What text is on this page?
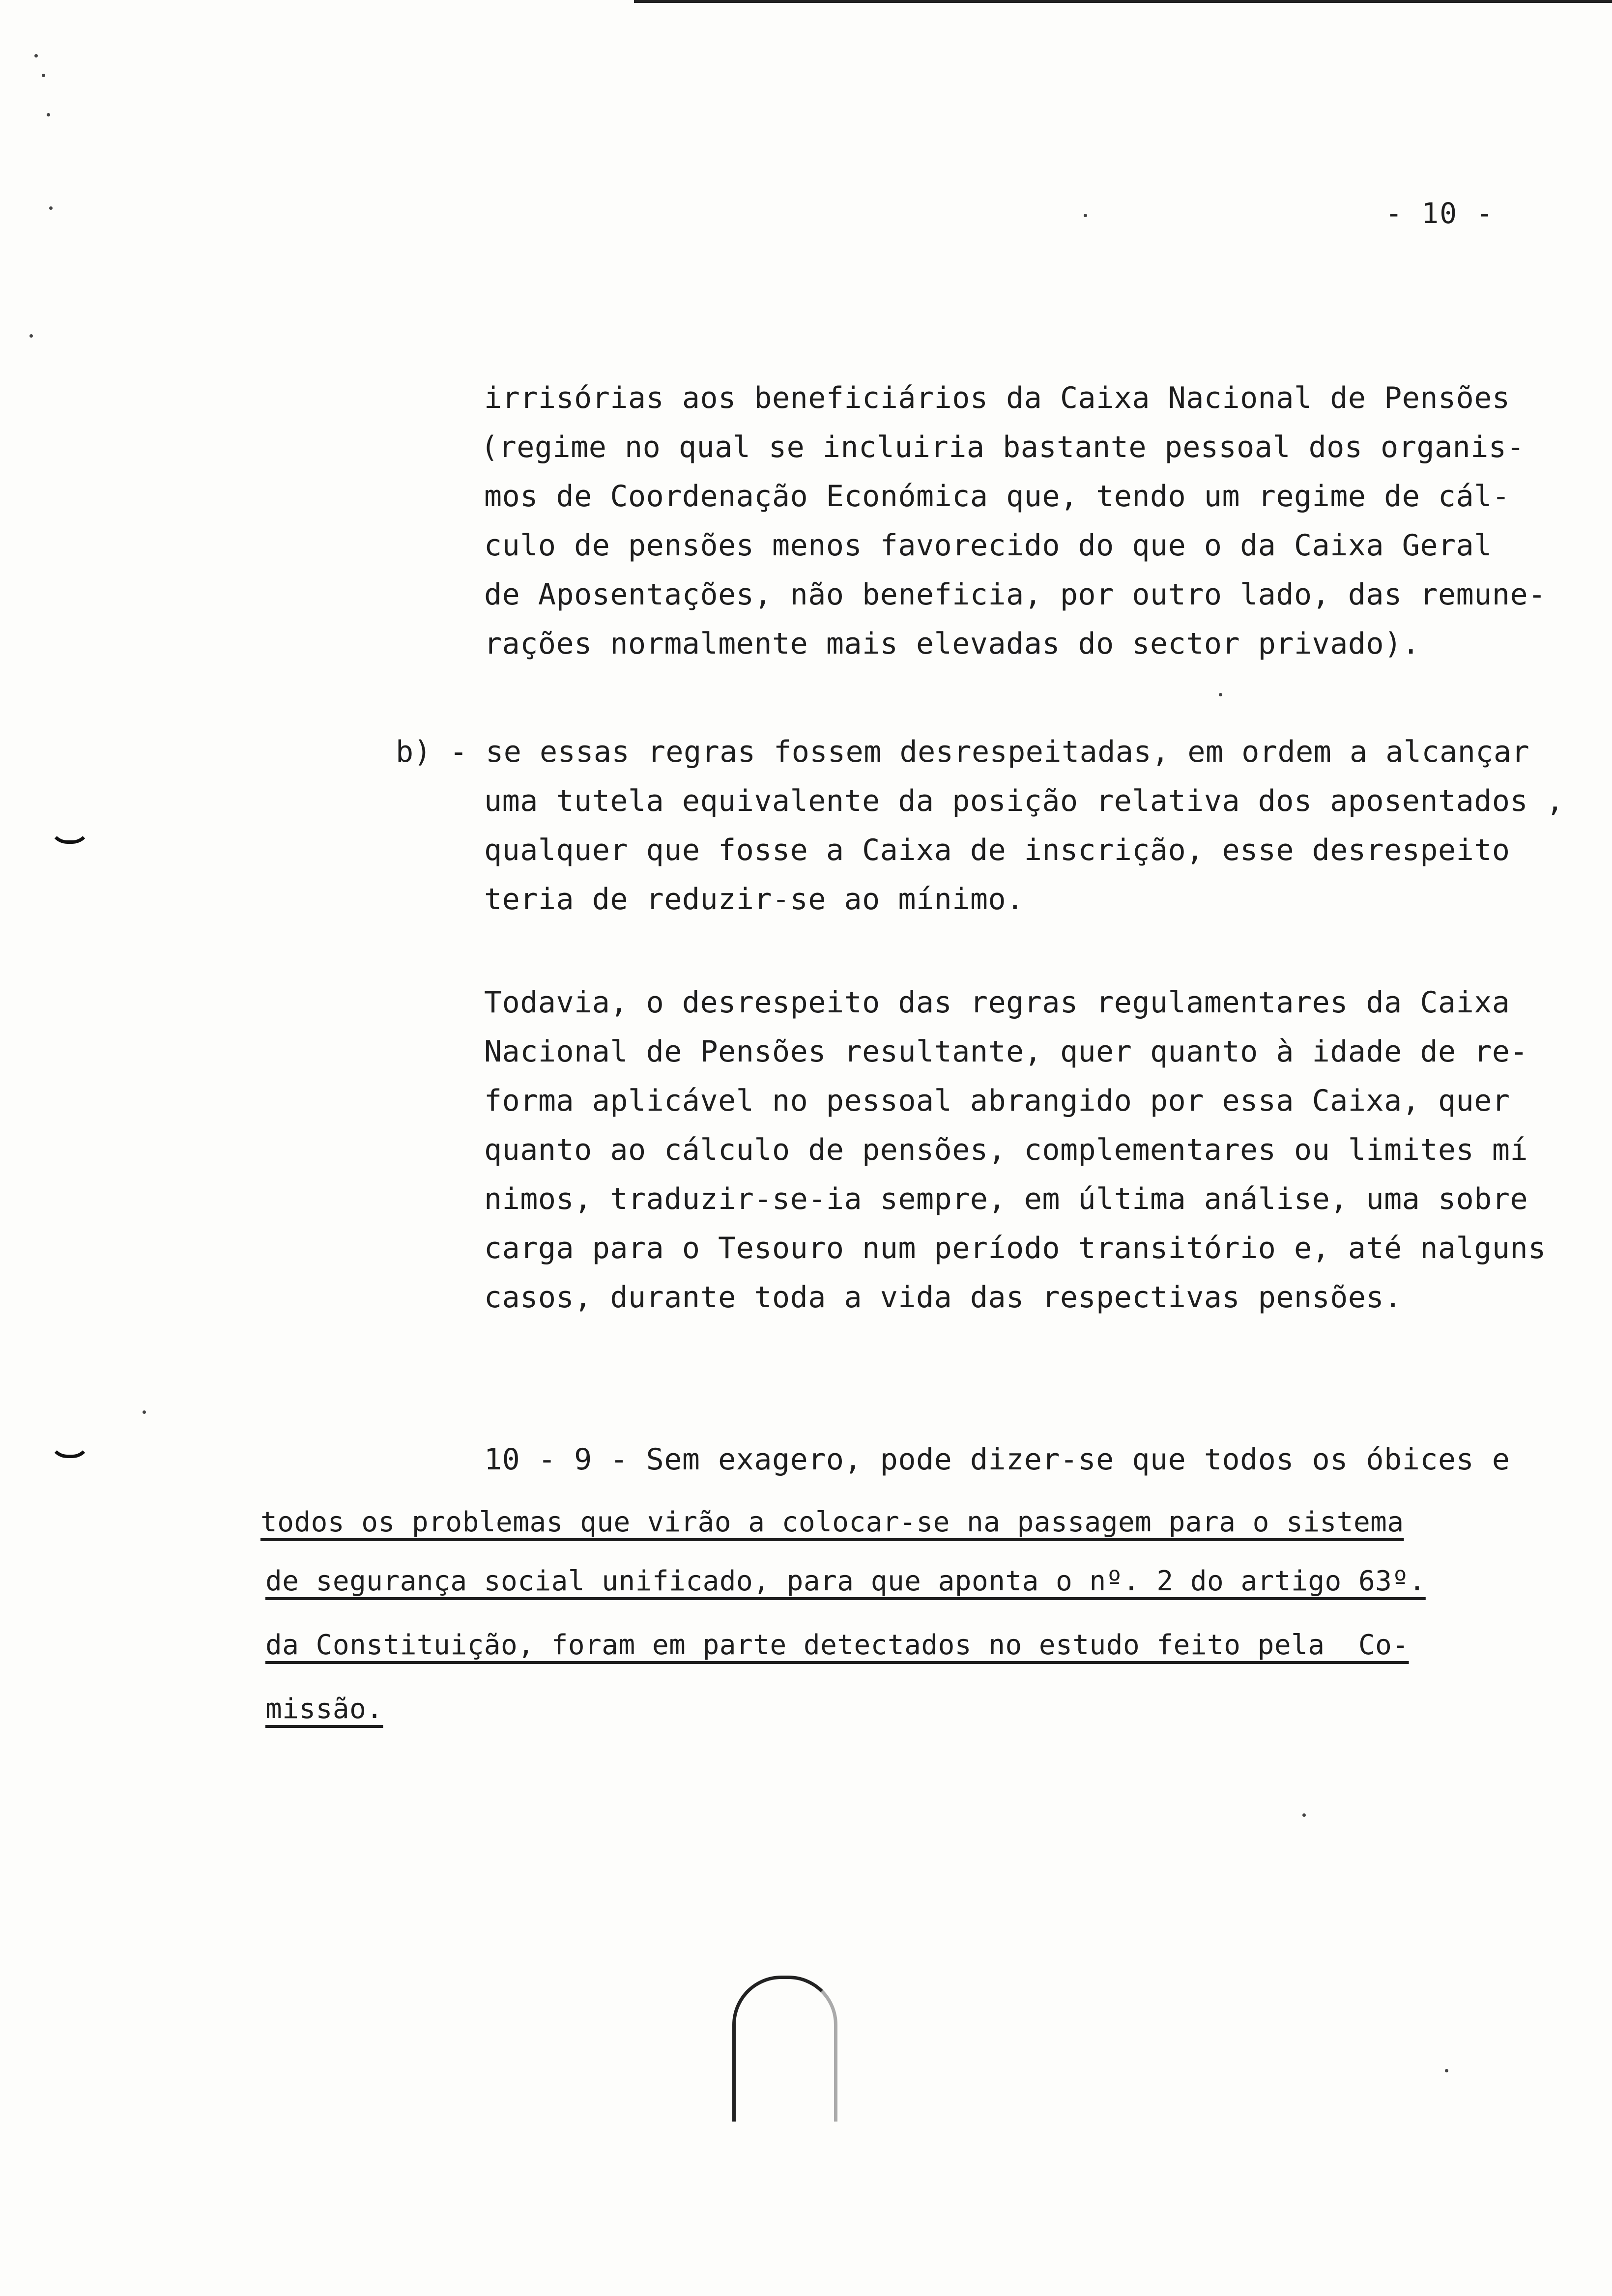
- 10 -
irrisórias aos beneficiários da Caixa Nacional de Pensões
(regime no qual se incluiria bastante pessoal dos organis-
mos de Coordenação Económica que, tendo um regime de cál-
culo de pensões menos favorecido do que o da Caixa Geral
de Aposentações, não beneficia, por outro lado, das remune-
rações normalmente mais elevadas do sector privado).
b) - se essas regras fossem desrespeitadas, em ordem a alcançar
uma tutela equivalente da posição relativa dos aposentados ,
qualquer que fosse a Caixa de inscrição, esse desrespeito
teria de reduzir-se ao mínimo.
Todavia, o desrespeito das regras regulamentares da Caixa
Nacional de Pensões resultante, quer quanto à idade de re-
forma aplicável no pessoal abrangido por essa Caixa, quer
quanto ao cálculo de pensões, complementares ou limites mí
nimos, traduzir-se-ia sempre, em última análise, uma sobre
carga para o Tesouro num período transitório e, até nalguns
casos, durante toda a vida das respectivas pensões.
10 - 9 - Sem exagero, pode dizer-se que todos os óbices e
todos os problemas que virão a colocar-se na passagem para o sistema
de segurança social unificado, para que aponta o nº. 2 do artigo 63º.
da Constituição, foram em parte detectados no estudo feito pela  Co-
missão.
